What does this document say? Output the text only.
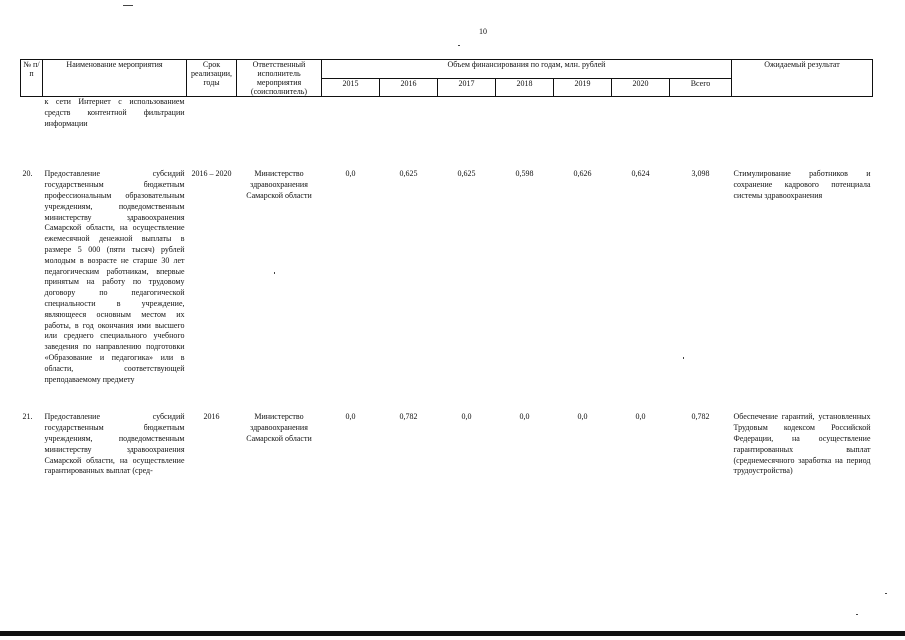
10
№ п/п	Наименование мероприятия	Срок реализации, годы	Ответственный исполнитель мероприятия (соисполнитель)	Объем финансирования по годам, млн. рублей							Ожидаемый результат
				2015	2016	2017	2018	2019	2020	Всего	
	к сети Интернет с использованием средств контентной фильтрации информации										

20.	Предоставление субсидий государственным бюджетным профессиональным образовательным учреждениям, подведомственным министерству здравоохранения Самарской области, на осуществление ежемесячной денежной выплаты в размере 5 000 (пяти тысяч) рублей молодым в возрасте не старше 30 лет педагогическим работникам, впервые принятым на работу по трудовому договору по педагогической специальности в учреждение, являющееся основным местом их работы, в год окончания ими высшего или среднего специального учебного заведения по направлению подготовки «Образование и педагогика» или в области, соответствующей преподаваемому предмету	2016 – 2020	Министерство здравоохранения Самарской области	0,0	0,625	0,625	0,598	0,626	0,624	3,098	Стимулирование работников и сохранение кадрового потенциала системы здравоохранения

21.	Предоставление субсидий государственным бюджетным учреждениям, подведомственным министерству здравоохранения Самарской области, на осуществление гарантированных выплат (сред-	2016	Министерство здравоохранения Самарской области	0,0	0,782	0,0	0,0	0,0	0,0	0,782	Обеспечение гарантий, установленных Трудовым кодексом Российской Федерации, на осуществление гарантированных выплат (среднемесячного заработка на период трудоустройства)
